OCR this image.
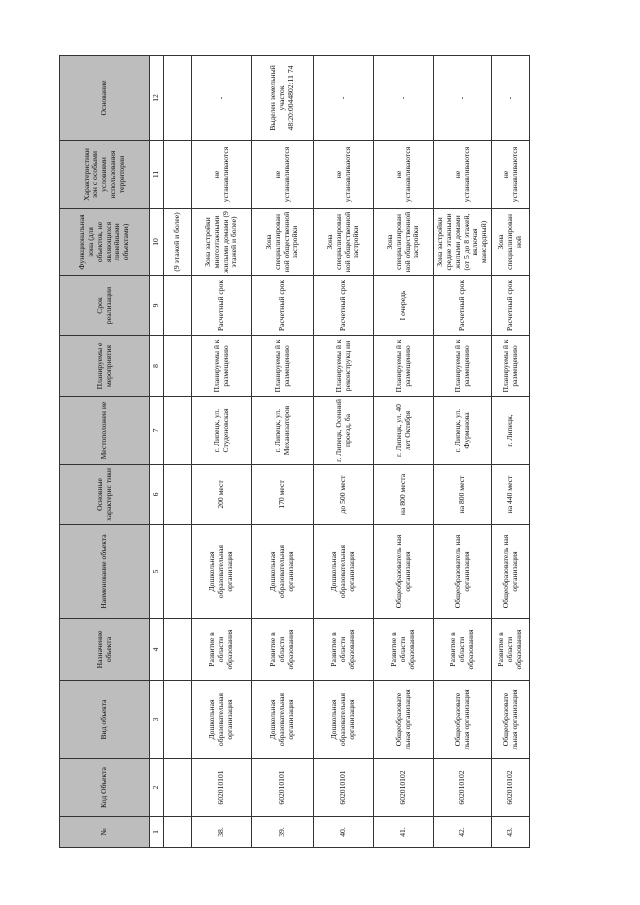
№	Код Объекта	Вид объекта	Назначение объекта	Наименование объекта	Основные характерис тики	Местоположен ие	Планируемы е мероприятия	Срок реализации	Функциональная зона (для объектов, не являющихся линейными объектами)	Характеристики зон с особыми условиями использования территории	Основание
1	2	3	4	5	6	7	8	9	10	11	12
									(9 этажей и более)		
38.	602010101	Дошкольная образовательная организация	Развитие в области образования	Дошкольная образовательная организация	200 мест	г. Липецк, ул. Студеновская	Планируемы й к размещению	Расчетный срок	Зона застройки многоэтажными жилыми домами (9 этажей и более)	не устанавливаются	-
39.	602010101	Дошкольная образовательная организация	Развитие в области образования	Дошкольная образовательная организация	170 мест	г. Липецк, ул. Механизаторов	Планируемы й к размещению	Расчетный срок	Зона специализирован ной общественной застройки	не устанавливаются	Выделен земельный участок 48:20:0044802:11 74
40.	602010101	Дошкольная образовательная организация	Развитие в области образования	Дошкольная образовательная организация	до 500 мест	г. Липецк, Осенний проезд, ба	Планируемы й к реконструкц ии	Расчетный срок	Зона специализирован ной общественной застройки	не устанавливаются	-
41.	602010102	Общеобразовате льная организация	Развитие в области образования	Общеобразователь ная организация	на 800 места	г. Липецк, ул. 40 лет Октября	Планируемы й к размещению	I очередь	Зона специализирован ной общественной застройки	не устанавливаются	-
42.	602010102	Общеобразовате льная организация	Развитие в области образования	Общеобразователь ная организация	на 800 мест	г. Липецк, ул. Фурманова	Планируемы й к размещению	Расчетный срок	Зона застройки средне этажными жилыми домами (от 5 до 8 этажей, включая мансардный)	не устанавливаются	-
43.	602010102	Общеобразовате льная организация	Развитие в области образования	Общеобразователь ная организация	на 440 мест	г. Липецк,	Планируемы й к размещению	Расчетный срок	Зона специализирован ной	не устанавливаются	-
